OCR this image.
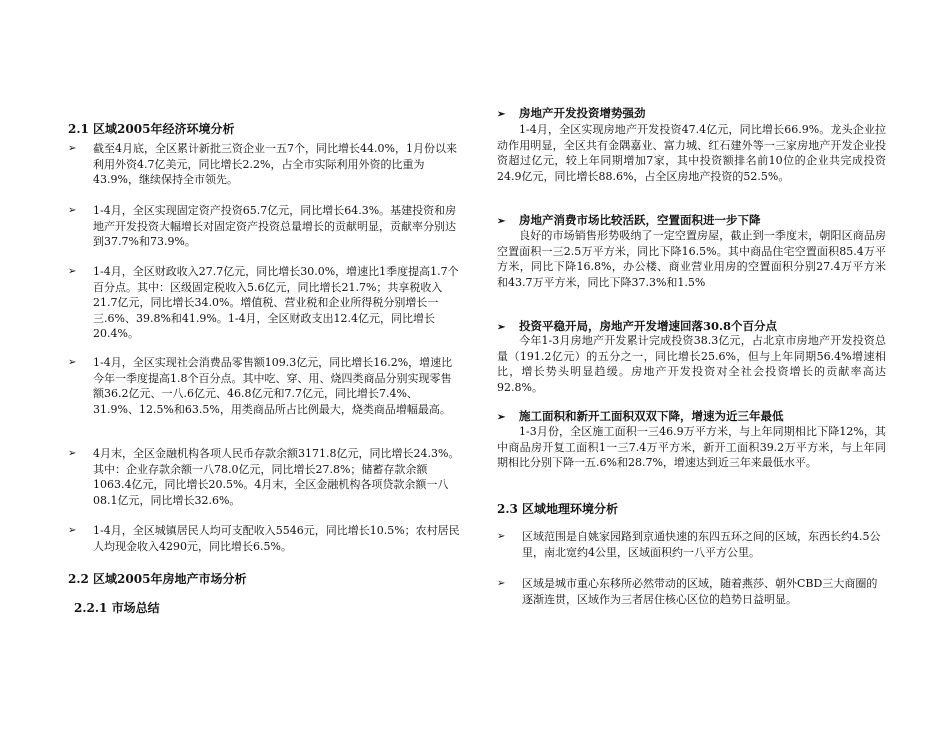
2.1 区域2005年经济环境分析
➢	截至4月底，全区累计新批三资企业一五7个，同比增长44.0%，1月份以来利用外资4.7亿美元，同比增长2.2%，占全市实际利用外资的比重为43.9%，继续保持全市领先。
➢	1-4月，全区实现固定资产投资65.7亿元，同比增长64.3%。基建投资和房地产开发投资大幅增长对固定资产投资总量增长的贡献明显，贡献率分别达到37.7%和73.9%。
➢	1-4月，全区财政收入27.7亿元，同比增长30.0%，增速比1季度提高1.7个百分点。其中：区级固定税收入5.6亿元，同比增长21.7%；共享税收入21.7亿元，同比增长34.0%。增值税、营业税和企业所得税分别增长一三.6%、39.8%和41.9%。1-4月，全区财政支出12.4亿元，同比增长20.4%。
➢	1-4月，全区实现社会消费品零售额109.3亿元，同比增长16.2%，增速比今年一季度提高1.8个百分点。其中吃、穿、用、烧四类商品分别实现零售额36.2亿元、一八.6亿元、46.8亿元和7.7亿元，同比增长7.4%、31.9%、12.5%和63.5%，用类商品所占比例最大，烧类商品增幅最高。
➢	4月末，全区金融机构各项人民币存款余额3171.8亿元，同比增长24.3%。其中：企业存款余额一八78.0亿元，同比增长27.8%；储蓄存款余额1063.4亿元，同比增长20.5%。4月末，全区金融机构各项贷款余额一八08.1亿元，同比增长32.6%。
➢	1-4月，全区城镇居民人均可支配收入5546元，同比增长10.5%；农村居民人均现金收入4290元，同比增长6.5%。
2.2 区域2005年房地产市场分析
2.2.1 市场总结
➢ 房地产开发投资增势强劲
1-4月，全区实现房地产开发投资47.4亿元，同比增长66.9%。龙头企业拉动作用明显，全区共有金隅嘉业、富力城、红石建外等一三家房地产开发企业投资超过亿元，较上年同期增加7家，其中投资额排名前10位的企业共完成投资24.9亿元，同比增长88.6%，占全区房地产投资的52.5%。
➢ 房地产消费市场比较活跃，空置面积进一步下降
良好的市场销售形势吸纳了一定空置房屋，截止到一季度末，朝阳区商品房空置面积一三2.5万平方米，同比下降16.5%。其中商品住宅空置面积85.4万平方米，同比下降16.8%，办公楼、商业营业用房的空置面积分别27.4万平方米和43.7万平方米，同比下降37.3%和1.5%
➢ 投资平稳开局，房地产开发增速回落30.8个百分点
今年1-3月房地产开发累计完成投资38.3亿元，占北京市房地产开发投资总量（191.2亿元）的五分之一，同比增长25.6%，但与上年同期56.4%增速相比，增长势头明显趋缓。房地产开发投资对全社会投资增长的贡献率高达92.8%。
➢ 施工面积和新开工面积双双下降，增速为近三年最低
1-3月份，全区施工面积一三46.9万平方米，与上年同期相比下降12%，其中商品房开复工面积1一三7.4万平方米，新开工面积39.2万平方米，与上年同期相比分别下降一五.6%和28.7%，增速达到近三年来最低水平。
2.3 区域地理环境分析
➢	区域范围是自姚家园路到京通快速的东四五环之间的区域，东西长约4.5公里，南北宽约4公里，区域面积约一八平方公里。
➢	区域是城市重心东移所必然带动的区域，随着燕莎、朝外CBD三大商圈的逐渐连贯，区域作为三者居住核心区位的趋势日益明显。
